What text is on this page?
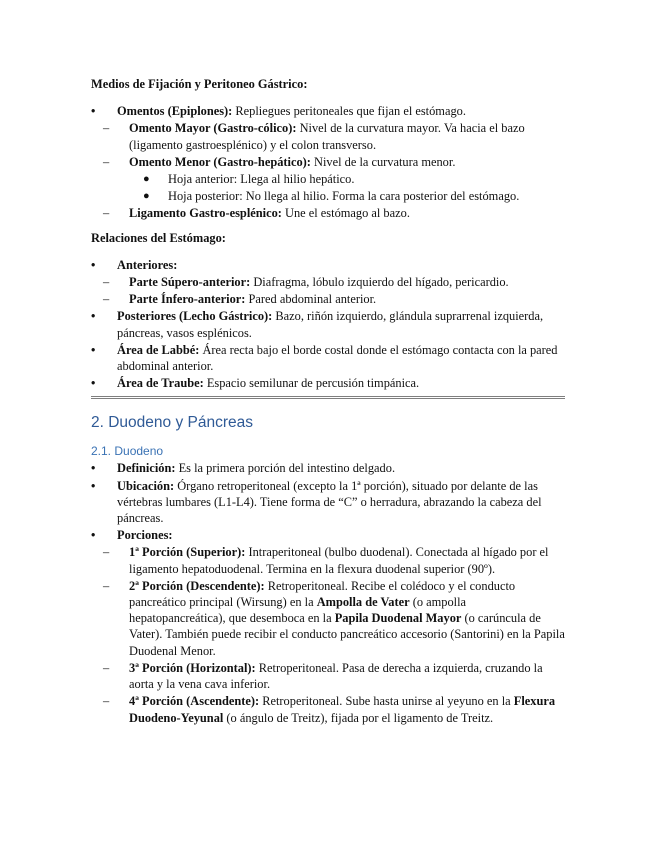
Medios de Fijación y Peritoneo Gástrico:

• Omentos (Epiplones): Repliegues peritoneales que fijan el estómago.
– Omento Mayor (Gastro-cólico): Nivel de la curvatura mayor. Va hacia el bazo (ligamento gastroesplénico) y el colon transverso.
– Omento Menor (Gastro-hepático): Nivel de la curvatura menor.
● Hoja anterior: Llega al hilio hepático.
● Hoja posterior: No llega al hilio. Forma la cara posterior del estómago.
– Ligamento Gastro-esplénico: Une el estómago al bazo.

Relaciones del Estómago:

• Anteriores:
– Parte Súpero-anterior: Diafragma, lóbulo izquierdo del hígado, pericardio.
– Parte Ínfero-anterior: Pared abdominal anterior.
• Posteriores (Lecho Gástrico): Bazo, riñón izquierdo, glándula suprarrenal izquierda, páncreas, vasos esplénicos.
• Área de Labbé: Área recta bajo el borde costal donde el estómago contacta con la pared abdominal anterior.
• Área de Traube: Espacio semilunar de percusión timpánica.

2. Duodeno y Páncreas

2.1. Duodeno

• Definición: Es la primera porción del intestino delgado.
• Ubicación: Órgano retroperitoneal (excepto la 1ª porción), situado por delante de las vértebras lumbares (L1-L4). Tiene forma de “C” o herradura, abrazando la cabeza del páncreas.
• Porciones:
– 1ª Porción (Superior): Intraperitoneal (bulbo duodenal). Conectada al hígado por el ligamento hepatoduodenal. Termina en la flexura duodenal superior (90º).
– 2ª Porción (Descendente): Retroperitoneal. Recibe el colédoco y el conducto pancreático principal (Wirsung) en la Ampolla de Vater (o ampolla hepatopancreática), que desemboca en la Papila Duodenal Mayor (o carúncula de Vater). También puede recibir el conducto pancreático accesorio (Santorini) en la Papila Duodenal Menor.
– 3ª Porción (Horizontal): Retroperitoneal. Pasa de derecha a izquierda, cruzando la aorta y la vena cava inferior.
– 4ª Porción (Ascendente): Retroperitoneal. Sube hasta unirse al yeyuno en la Flexura Duodeno-Yeyunal (o ángulo de Treitz), fijada por el ligamento de Treitz.
